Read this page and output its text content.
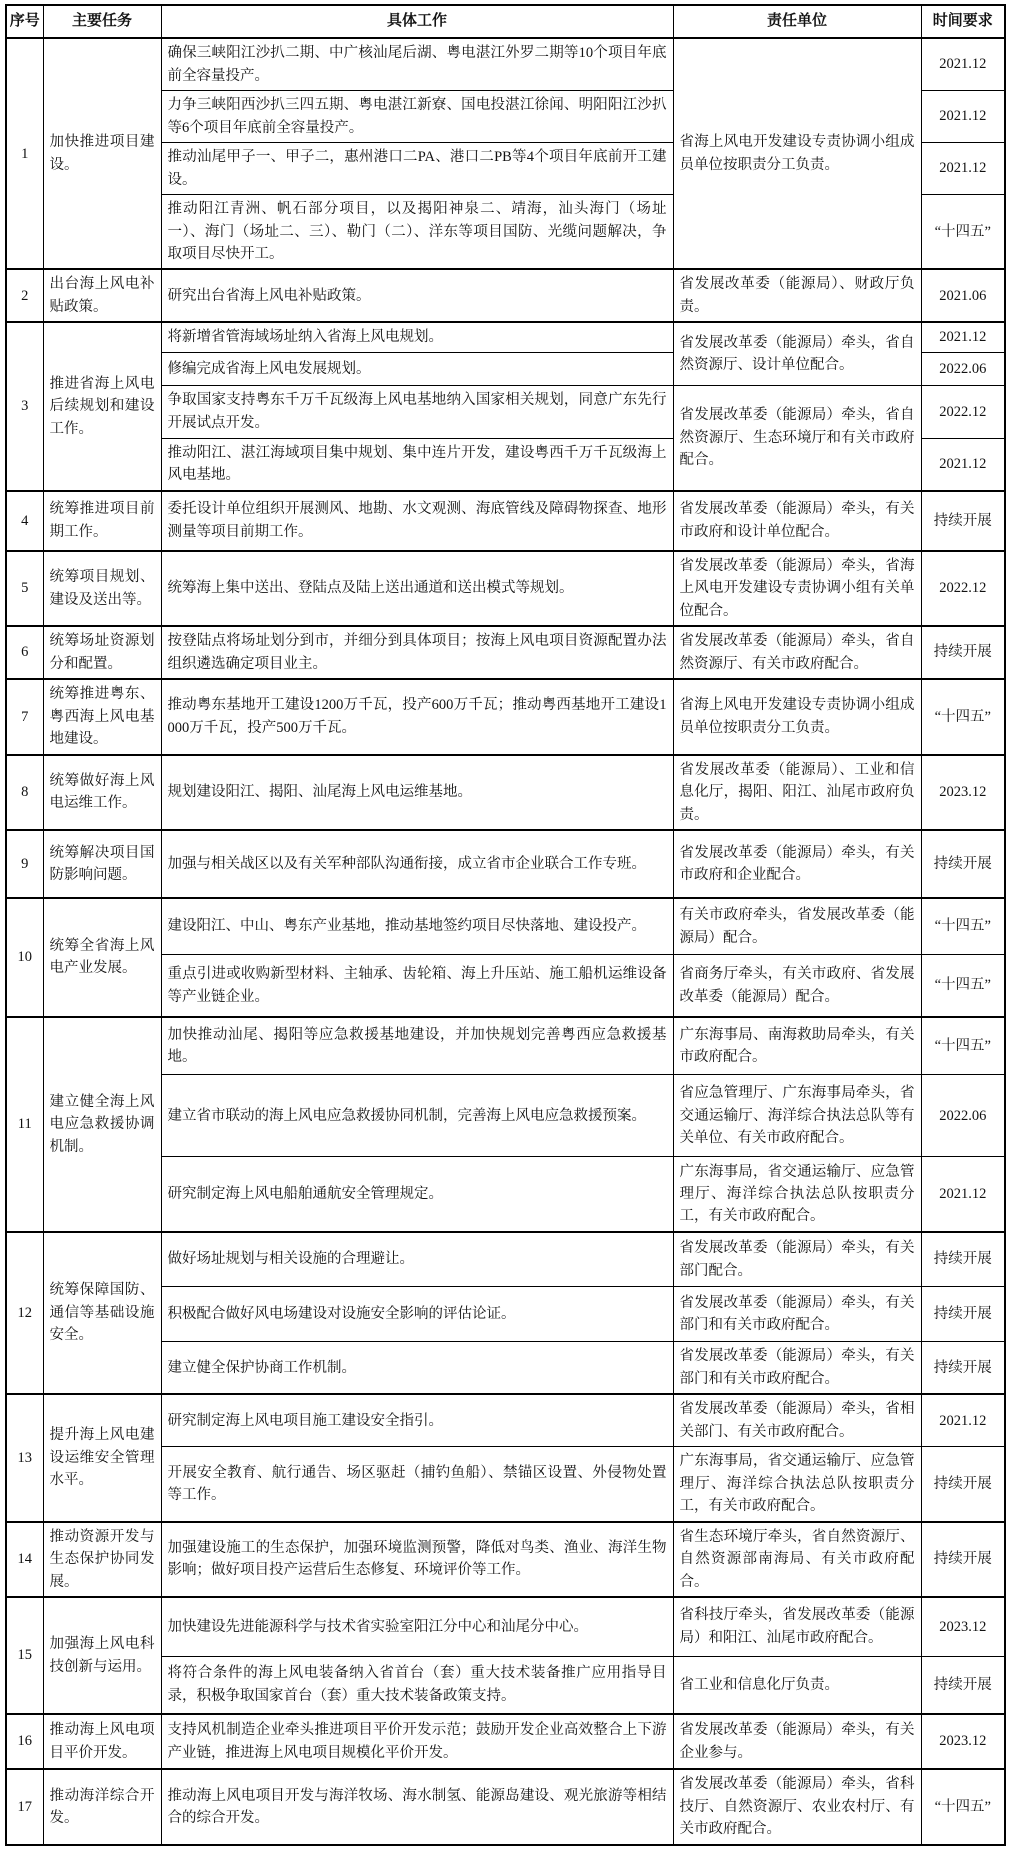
序号	主要任务	具体工作	责任单位	时间要求
1	加快推进项目建设。	确保三峡阳江沙扒二期、中广核汕尾后湖、粤电湛江外罗二期等10个项目年底前全容量投产。	省海上风电开发建设专责协调小组成员单位按职责分工负责。	2021.12
		力争三峡阳西沙扒三四五期、粤电湛江新寮、国电投湛江徐闻、明阳阳江沙扒等6个项目年底前全容量投产。		2021.12
		推动汕尾甲子一、甲子二，惠州港口二PA、港口二PB等4个项目年底前开工建设。		2021.12
		推动阳江青洲、帆石部分项目，以及揭阳神泉二、靖海，汕头海门（场址一）、海门（场址二、三）、勒门（二）、洋东等项目国防、光缆问题解决，争取项目尽快开工。		“十四五”
2	出台海上风电补贴政策。	研究出台省海上风电补贴政策。	省发展改革委（能源局）、财政厅负责。	2021.06
3	推进省海上风电后续规划和建设工作。	将新增省管海域场址纳入省海上风电规划。	省发展改革委（能源局）牵头，省自然资源厅、设计单位配合。	2021.12
		修编完成省海上风电发展规划。		2022.06
		争取国家支持粤东千万千瓦级海上风电基地纳入国家相关规划，同意广东先行开展试点开发。	省发展改革委（能源局）牵头，省自然资源厅、生态环境厅和有关市政府配合。	2022.12
		推动阳江、湛江海域项目集中规划、集中连片开发，建设粤西千万千瓦级海上风电基地。		2021.12
4	统筹推进项目前期工作。	委托设计单位组织开展测风、地勘、水文观测、海底管线及障碍物探查、地形测量等项目前期工作。	省发展改革委（能源局）牵头，有关市政府和设计单位配合。	持续开展
5	统筹项目规划、建设及送出等。	统筹海上集中送出、登陆点及陆上送出通道和送出模式等规划。	省发展改革委（能源局）牵头，省海上风电开发建设专责协调小组有关单位配合。	2022.12
6	统筹场址资源划分和配置。	按登陆点将场址划分到市，并细分到具体项目；按海上风电项目资源配置办法组织遴选确定项目业主。	省发展改革委（能源局）牵头，省自然资源厅、有关市政府配合。	持续开展
7	统筹推进粤东、粤西海上风电基地建设。	推动粤东基地开工建设1200万千瓦，投产600万千瓦；推动粤西基地开工建设1000万千瓦，投产500万千瓦。	省海上风电开发建设专责协调小组成员单位按职责分工负责。	“十四五”
8	统筹做好海上风电运维工作。	规划建设阳江、揭阳、汕尾海上风电运维基地。	省发展改革委（能源局）、工业和信息化厅，揭阳、阳江、汕尾市政府负责。	2023.12
9	统筹解决项目国防影响问题。	加强与相关战区以及有关军种部队沟通衔接，成立省市企业联合工作专班。	省发展改革委（能源局）牵头，有关市政府和企业配合。	持续开展
10	统筹全省海上风电产业发展。	建设阳江、中山、粤东产业基地，推动基地签约项目尽快落地、建设投产。	有关市政府牵头，省发展改革委（能源局）配合。	“十四五”
		重点引进或收购新型材料、主轴承、齿轮箱、海上升压站、施工船机运维设备等产业链企业。	省商务厅牵头，有关市政府、省发展改革委（能源局）配合。	“十四五”
11	建立健全海上风电应急救援协调机制。	加快推动汕尾、揭阳等应急救援基地建设，并加快规划完善粤西应急救援基地。	广东海事局、南海救助局牵头，有关市政府配合。	“十四五”
		建立省市联动的海上风电应急救援协同机制，完善海上风电应急救援预案。	省应急管理厅、广东海事局牵头，省交通运输厅、海洋综合执法总队等有关单位、有关市政府配合。	2022.06
		研究制定海上风电船舶通航安全管理规定。	广东海事局，省交通运输厅、应急管理厅、海洋综合执法总队按职责分工，有关市政府配合。	2021.12
12	统筹保障国防、通信等基础设施安全。	做好场址规划与相关设施的合理避让。	省发展改革委（能源局）牵头，有关部门配合。	持续开展
		积极配合做好风电场建设对设施安全影响的评估论证。	省发展改革委（能源局）牵头，有关部门和有关市政府配合。	持续开展
		建立健全保护协商工作机制。	省发展改革委（能源局）牵头，有关部门和有关市政府配合。	持续开展
13	提升海上风电建设运维安全管理水平。	研究制定海上风电项目施工建设安全指引。	省发展改革委（能源局）牵头，省相关部门、有关市政府配合。	2021.12
		开展安全教育、航行通告、场区驱赶（捕钓鱼船）、禁锚区设置、外侵物处置等工作。	广东海事局，省交通运输厅、应急管理厅、海洋综合执法总队按职责分工，有关市政府配合。	持续开展
14	推动资源开发与生态保护协同发展。	加强建设施工的生态保护，加强环境监测预警，降低对鸟类、渔业、海洋生物影响；做好项目投产运营后生态修复、环境评价等工作。	省生态环境厅牵头，省自然资源厅、自然资源部南海局、有关市政府配合。	持续开展
15	加强海上风电科技创新与运用。	加快建设先进能源科学与技术省实验室阳江分中心和汕尾分中心。	省科技厅牵头，省发展改革委（能源局）和阳江、汕尾市政府配合。	2023.12
		将符合条件的海上风电装备纳入省首台（套）重大技术装备推广应用指导目录，积极争取国家首台（套）重大技术装备政策支持。	省工业和信息化厅负责。	持续开展
16	推动海上风电项目平价开发。	支持风机制造企业牵头推进项目平价开发示范；鼓励开发企业高效整合上下游产业链，推进海上风电项目规模化平价开发。	省发展改革委（能源局）牵头，有关企业参与。	2023.12
17	推动海洋综合开发。	推动海上风电项目开发与海洋牧场、海水制氢、能源岛建设、观光旅游等相结合的综合开发。	省发展改革委（能源局）牵头，省科技厅、自然资源厅、农业农村厅、有关市政府配合。	“十四五”
